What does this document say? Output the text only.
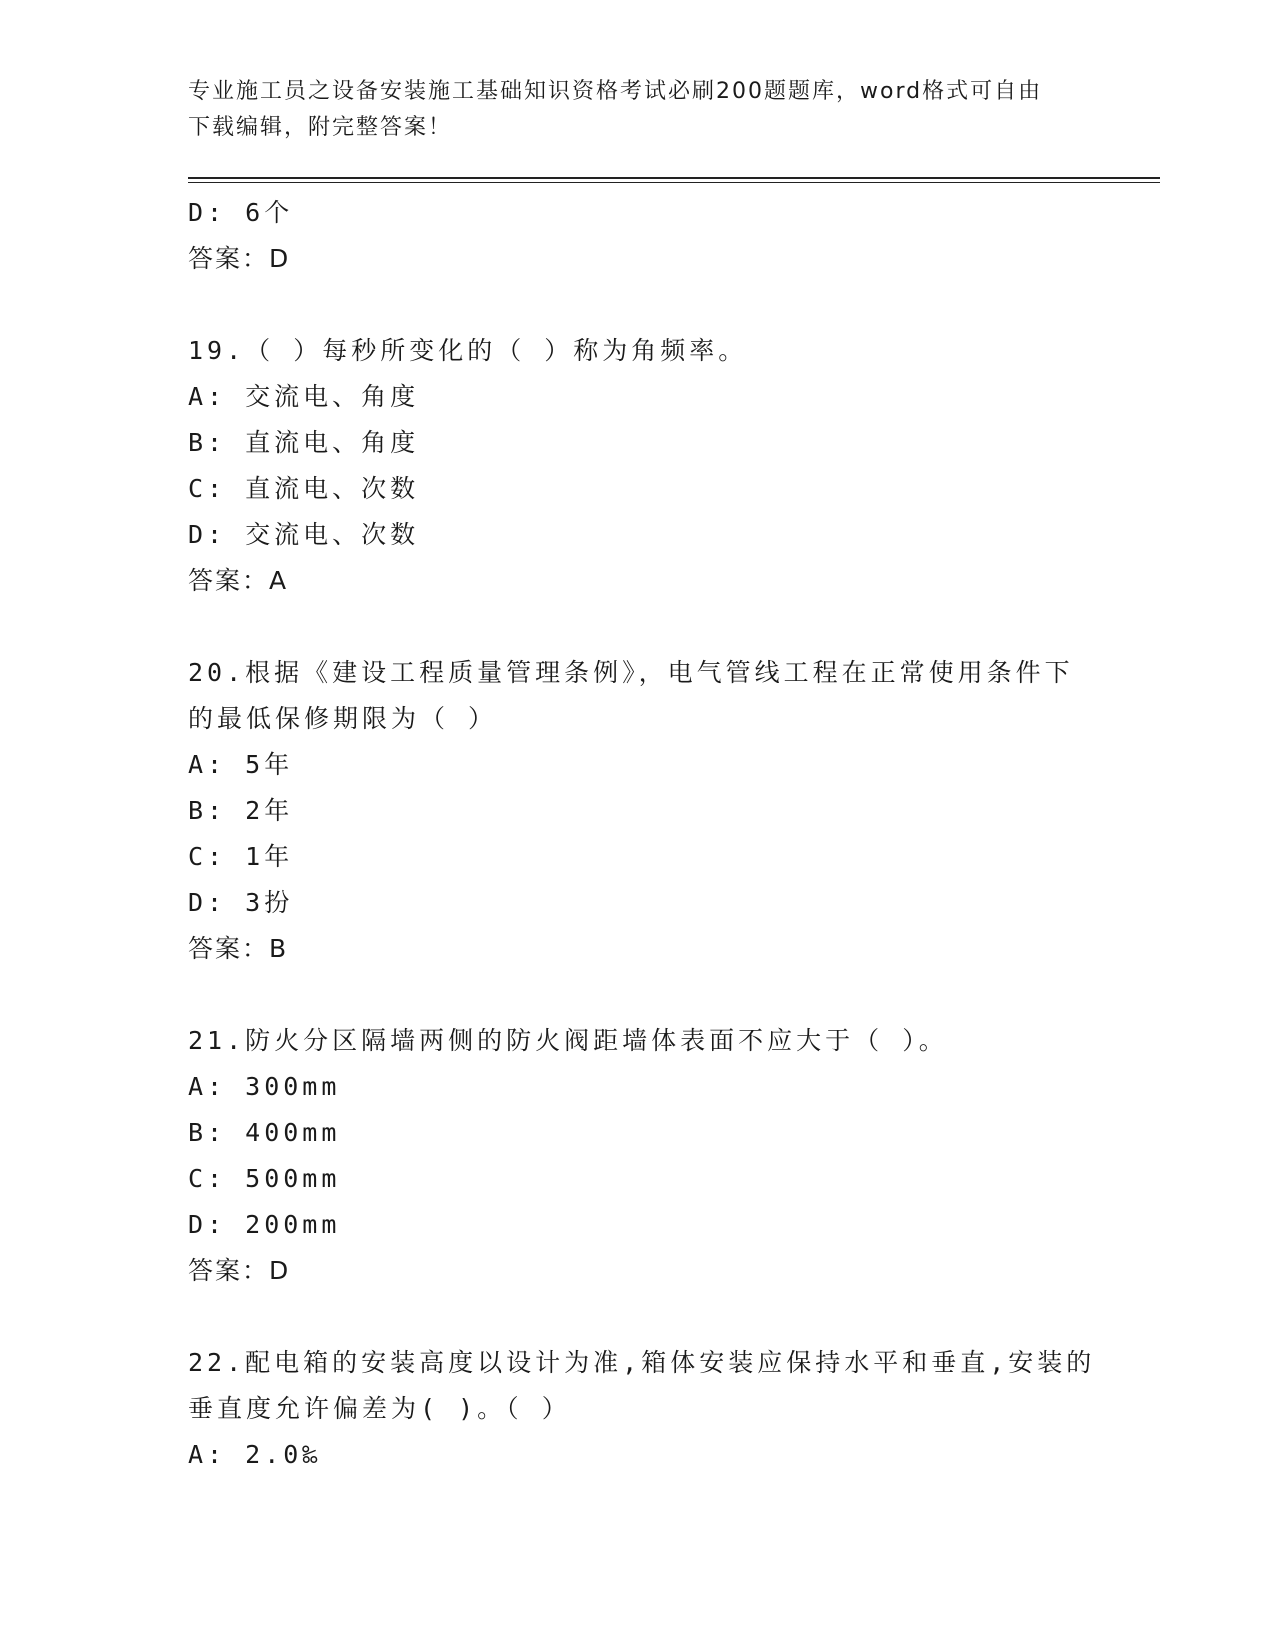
专业施工员之设备安装施工基础知识资格考试必刷200题题库，word格式可自由
下载编辑，附完整答案！
D: 6个
答案：D
19.（ ）每秒所变化的（ ）称为角频率。
A: 交流电、角度
B: 直流电、角度
C: 直流电、次数
D: 交流电、次数
答案：A
20.根据《建设工程质量管理条例》，电气管线工程在正常使用条件下
的最低保修期限为（ ）
A: 5年
B: 2年
C: 1年
D: 3扮
答案：B
21.防火分区隔墙两侧的防火阀距墙体表面不应大于（ ）。
A: 300mm
B: 400mm
C: 500mm
D: 200mm
答案：D
22.配电箱的安装高度以设计为准,箱体安装应保持水平和垂直,安装的
垂直度允许偏差为( )。（ ）
A: 2.0‰
